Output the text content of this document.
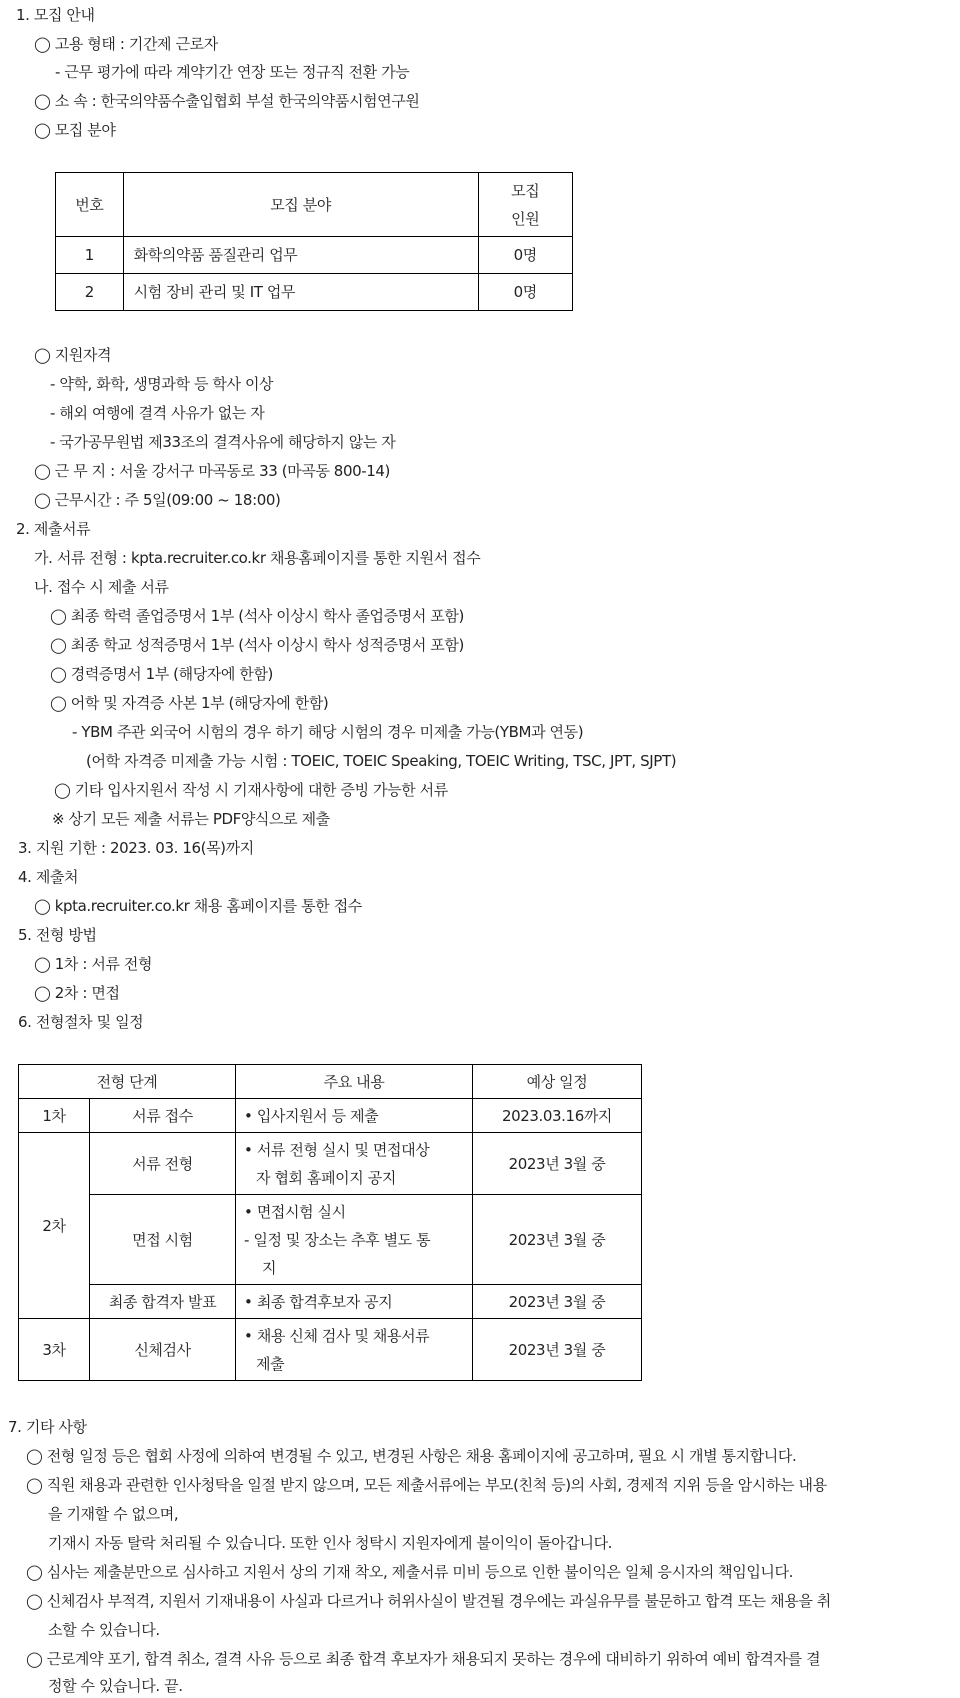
1. 모집 안내
◯ 고용 형태 : 기간제 근로자
- 근무 평가에 따라 계약기간 연장 또는 정규직 전환 가능
◯ 소 속 : 한국의약품수출입협회 부설 한국의약품시험연구원
◯ 모집 분야
번호	모집 분야	모집
인원

1	화학의약품 품질관리 업무	0명
2	시험 장비 관리 및 IT 업무	0명
◯ 지원자격
- 약학, 화학, 생명과학 등 학사 이상
- 해외 여행에 결격 사유가 없는 자
- 국가공무원법 제33조의 결격사유에 해당하지 않는 자
◯ 근 무 지 : 서울 강서구 마곡동로 33 (마곡동 800-14)
◯ 근무시간 : 주 5일(09:00 ~ 18:00)
2. 제출서류
가. 서류 전형 : kpta.recruiter.co.kr 채용홈페이지를 통한 지원서 접수
나. 접수 시 제출 서류
◯ 최종 학력 졸업증명서 1부 (석사 이상시 학사 졸업증명서 포함)
◯ 최종 학교 성적증명서 1부 (석사 이상시 학사 성적증명서 포함)
◯ 경력증명서 1부 (해당자에 한함)
◯ 어학 및 자격증 사본 1부 (해당자에 한함)
- YBM 주관 외국어 시험의 경우 하기 해당 시험의 경우 미제출 가능(YBM과 연동)
(어학 자격증 미제출 가능 시험 : TOEIC, TOEIC Speaking, TOEIC Writing, TSC, JPT, SJPT)
◯ 기타 입사지원서 작성 시 기재사항에 대한 증빙 가능한 서류
※ 상기 모든 제출 서류는 PDF양식으로 제출
3. 지원 기한 : 2023. 03. 16(목)까지
4. 제출처
◯ kpta.recruiter.co.kr 채용 홈페이지를 통한 접수
5. 전형 방법
◯ 1차 : 서류 전형
◯ 2차 : 면접
6. 전형절차 및 일정
전형 단계		주요 내용	예상 일정
1차	서류 접수	• 입사지원서 등 제출	2023.03.16까지
2차	서류 전형	• 서류 전형 실시 및 면접대상
자 협회 홈페이지 공지	2023년 3월 중
	면접 시험	• 면접시험 실시
- 일정 및 장소는 추후 별도 통
지	2023년 3월 중
	최종 합격자 발표	• 최종 합격후보자 공지	2023년 3월 중
3차	신체검사	• 채용 신체 검사 및 채용서류
제출	2023년 3월 중
7. 기타 사항
◯ 전형 일정 등은 협회 사정에 의하여 변경될 수 있고, 변경된 사항은 채용 홈페이지에 공고하며, 필요 시 개별 통지합니다.
◯ 직원 채용과 관련한 인사청탁을 일절 받지 않으며, 모든 제출서류에는 부모(친척 등)의 사회, 경제적 지위 등을 암시하는 내용
을 기재할 수 없으며,
기재시 자동 탈락 처리될 수 있습니다. 또한 인사 청탁시 지원자에게 불이익이 돌아갑니다.
◯ 심사는 제출분만으로 심사하고 지원서 상의 기재 착오, 제출서류 미비 등으로 인한 불이익은 일체 응시자의 책임입니다.
◯ 신체검사 부적격, 지원서 기재내용이 사실과 다르거나 허위사실이 발견될 경우에는 과실유무를 불문하고 합격 또는 채용을 취
소할 수 있습니다.
◯ 근로계약 포기, 합격 취소, 결격 사유 등으로 최종 합격 후보자가 채용되지 못하는 경우에 대비하기 위하여 예비 합격자를 결
정할 수 있습니다. 끝.
